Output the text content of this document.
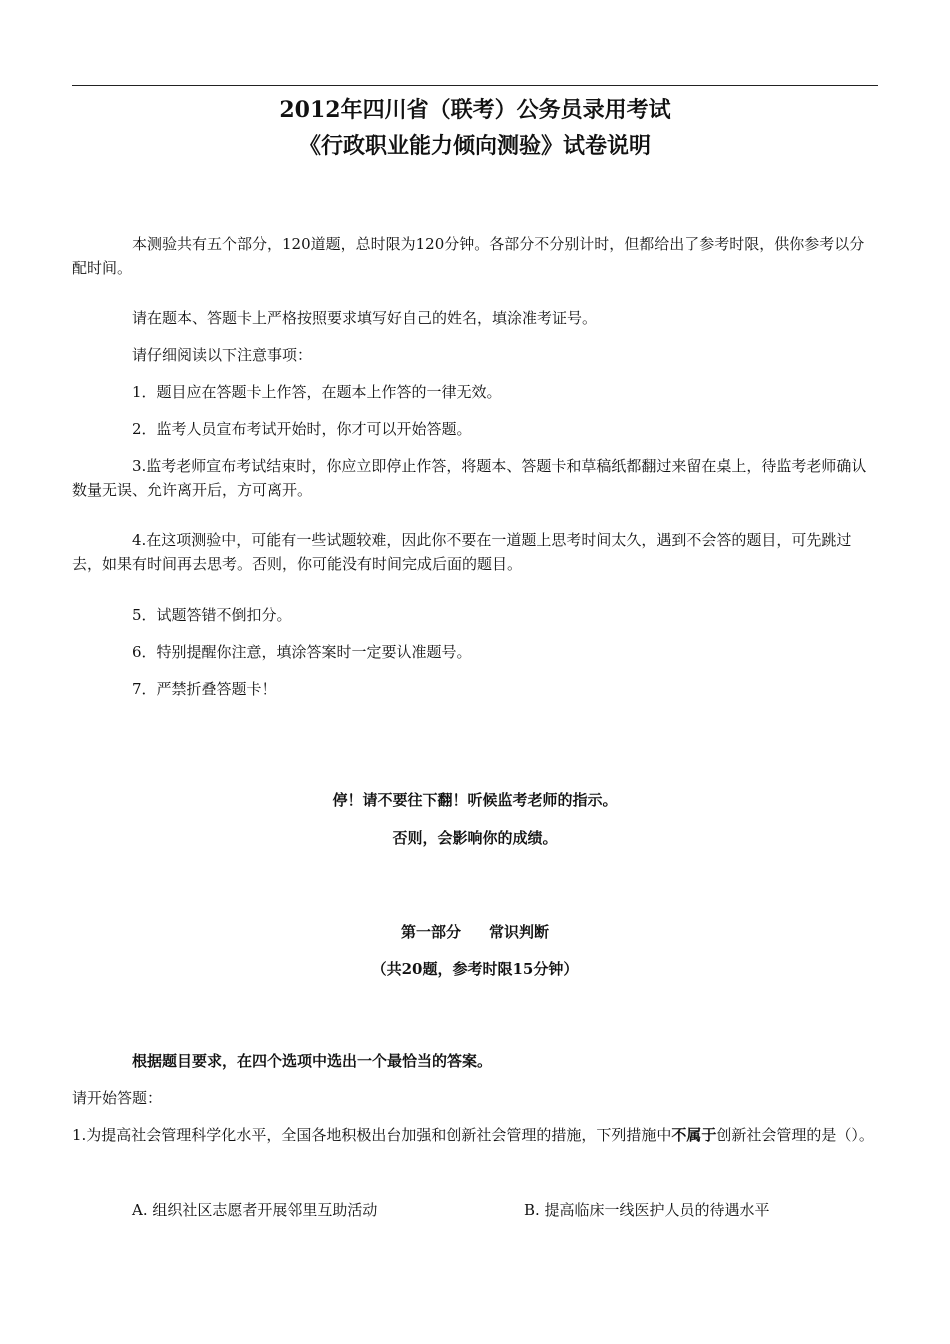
2012年四川省（联考）公务员录用考试
《行政职业能力倾向测验》试卷说明
本测验共有五个部分，120道题，总时限为120分钟。各部分不分别计时，但都给出了参考时限，供你参考以分配时间。
请在题本、答题卡上严格按照要求填写好自己的姓名，填涂准考证号。
请仔细阅读以下注意事项：
1．题目应在答题卡上作答，在题本上作答的一律无效。
2．监考人员宣布考试开始时，你才可以开始答题。
3.监考老师宣布考试结束时，你应立即停止作答，将题本、答题卡和草稿纸都翻过来留在桌上，待监考老师确认数量无误、允许离开后，方可离开。
4.在这项测验中，可能有一些试题较难，因此你不要在一道题上思考时间太久，遇到不会答的题目，可先跳过去，如果有时间再去思考。否则，你可能没有时间完成后面的题目。
5．试题答错不倒扣分。
6．特别提醒你注意，填涂答案时一定要认准题号。
7．严禁折叠答题卡！
停！请不要往下翻！听候监考老师的指示。
否则，会影响你的成绩。
第一部分 常识判断
（共20题，参考时限15分钟）
根据题目要求，在四个选项中选出一个最恰当的答案。
请开始答题：
1.为提高社会管理科学化水平，全国各地积极出台加强和创新社会管理的措施，下列措施中不属于创新社会管理的是（）。
A. 组织社区志愿者开展邻里互助活动	B. 提高临床一线医护人员的待遇水平
